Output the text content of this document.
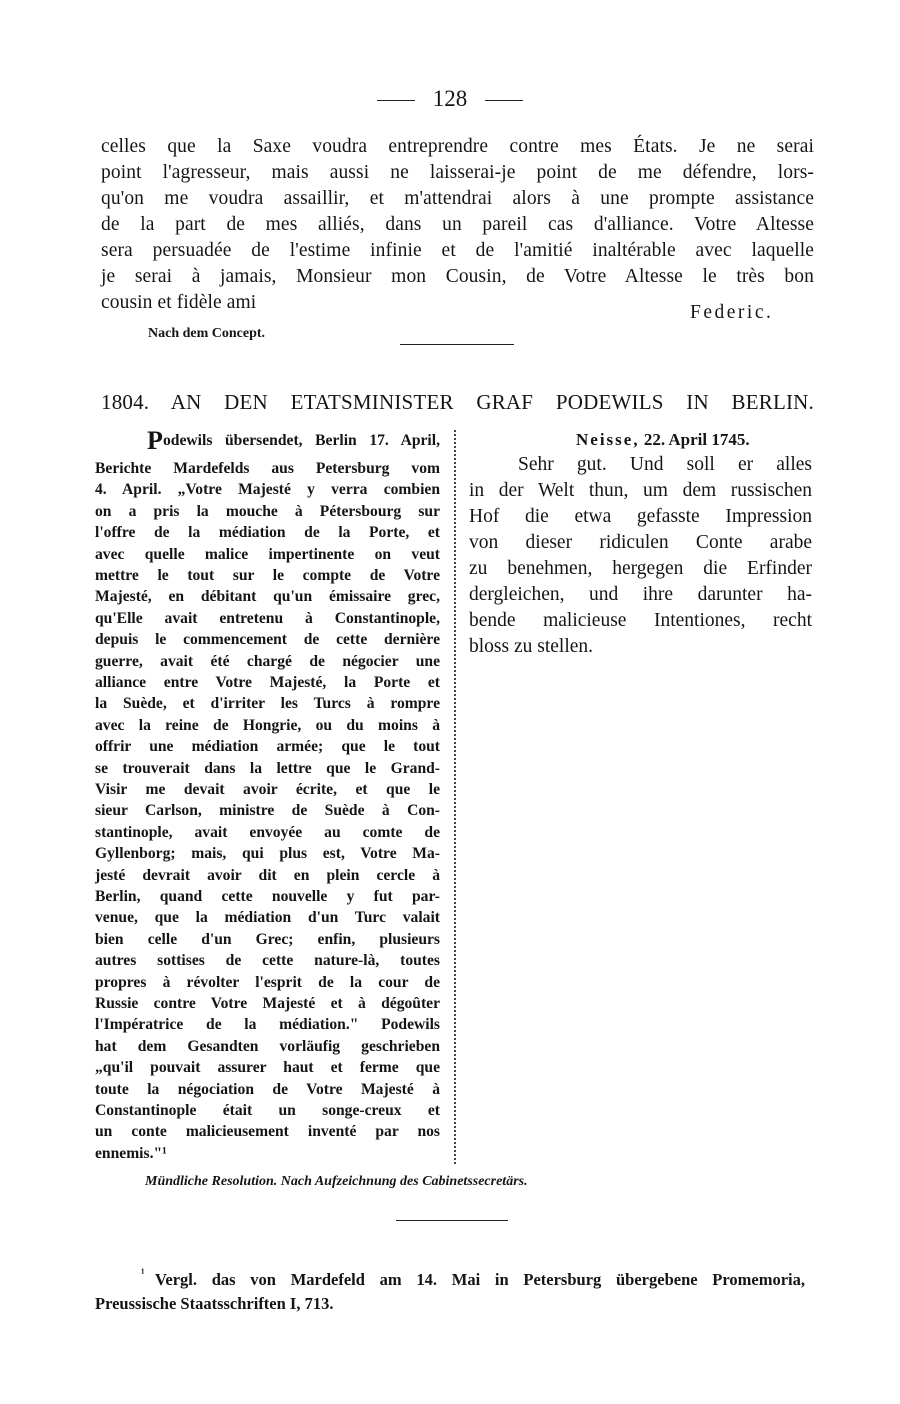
128
celles que la Saxe voudra entreprendre contre mes États. Je ne serai
point l'agresseur, mais aussi ne laisserai-je point de me défendre, lors-
qu'on me voudra assaillir, et m'attendrai alors à une prompte assistance
de la part de mes alliés, dans un pareil cas d'alliance. Votre Altesse
sera persuadée de l'estime infinie et de l'amitié inaltérable avec laquelle
je serai à jamais, Monsieur mon Cousin, de Votre Altesse le très bon
cousin et fidèle ami	Federic.
Nach dem Concept.
1804. AN DEN ETATSMINISTER GRAF PODEWILS IN BERLIN.
P odewils übersendet, Berlin 17. April,
Berichte Mardefelds aus Petersburg vom
4. April. „Votre Majesté y verra combien
on a pris la mouche à Pétersbourg sur
l'offre de la médiation de la Porte, et
avec quelle malice impertinente on veut
mettre le tout sur le compte de Votre
Majesté, en débitant qu'un émissaire grec,
qu'Elle avait entretenu à Constantinople,
depuis le commencement de cette dernière
guerre, avait été chargé de négocier une
alliance entre Votre Majesté, la Porte et
la Suède, et d'irriter les Turcs à rompre
avec la reine de Hongrie, ou du moins à
offrir une médiation armée; que le tout
se trouverait dans la lettre que le Grand-
Visir me devait avoir écrite, et que le
sieur Carlson, ministre de Suède à Con-
stantinople, avait envoyée au comte de
Gyllenborg; mais, qui plus est, Votre Ma-
jesté devrait avoir dit en plein cercle à
Berlin, quand cette nouvelle y fut par-
venue, que la médiation d'un Turc valait
bien celle d'un Grec; enfin, plusieurs
autres sottises de cette nature-là, toutes
propres à révolter l'esprit de la cour de
Russie contre Votre Majesté et à dégoûter
l'Impératrice de la médiation." Podewils
hat dem Gesandten vorläufig geschrieben
„qu'il pouvait assurer haut et ferme que
toute la négociation de Votre Majesté à
Constantinople était un songe-creux et
un conte malicieusement inventé par nos
ennemis."¹
Neisse, 22. April 1745.
Sehr gut. Und soll er alles
in der Welt thun, um dem russischen
Hof die etwa gefasste Impression
von dieser ridiculen Conte arabe
zu benehmen, hergegen die Erfinder
dergleichen, und ihre darunter ha-
bende malicieuse Intentiones, recht
bloss zu stellen.
Mündliche Resolution. Nach Aufzeichnung des Cabinetssecretärs.
¹ Vergl. das von Mardefeld am 14. Mai in Petersburg übergebene Promemoria,
Preussische Staatsschriften I, 713.
